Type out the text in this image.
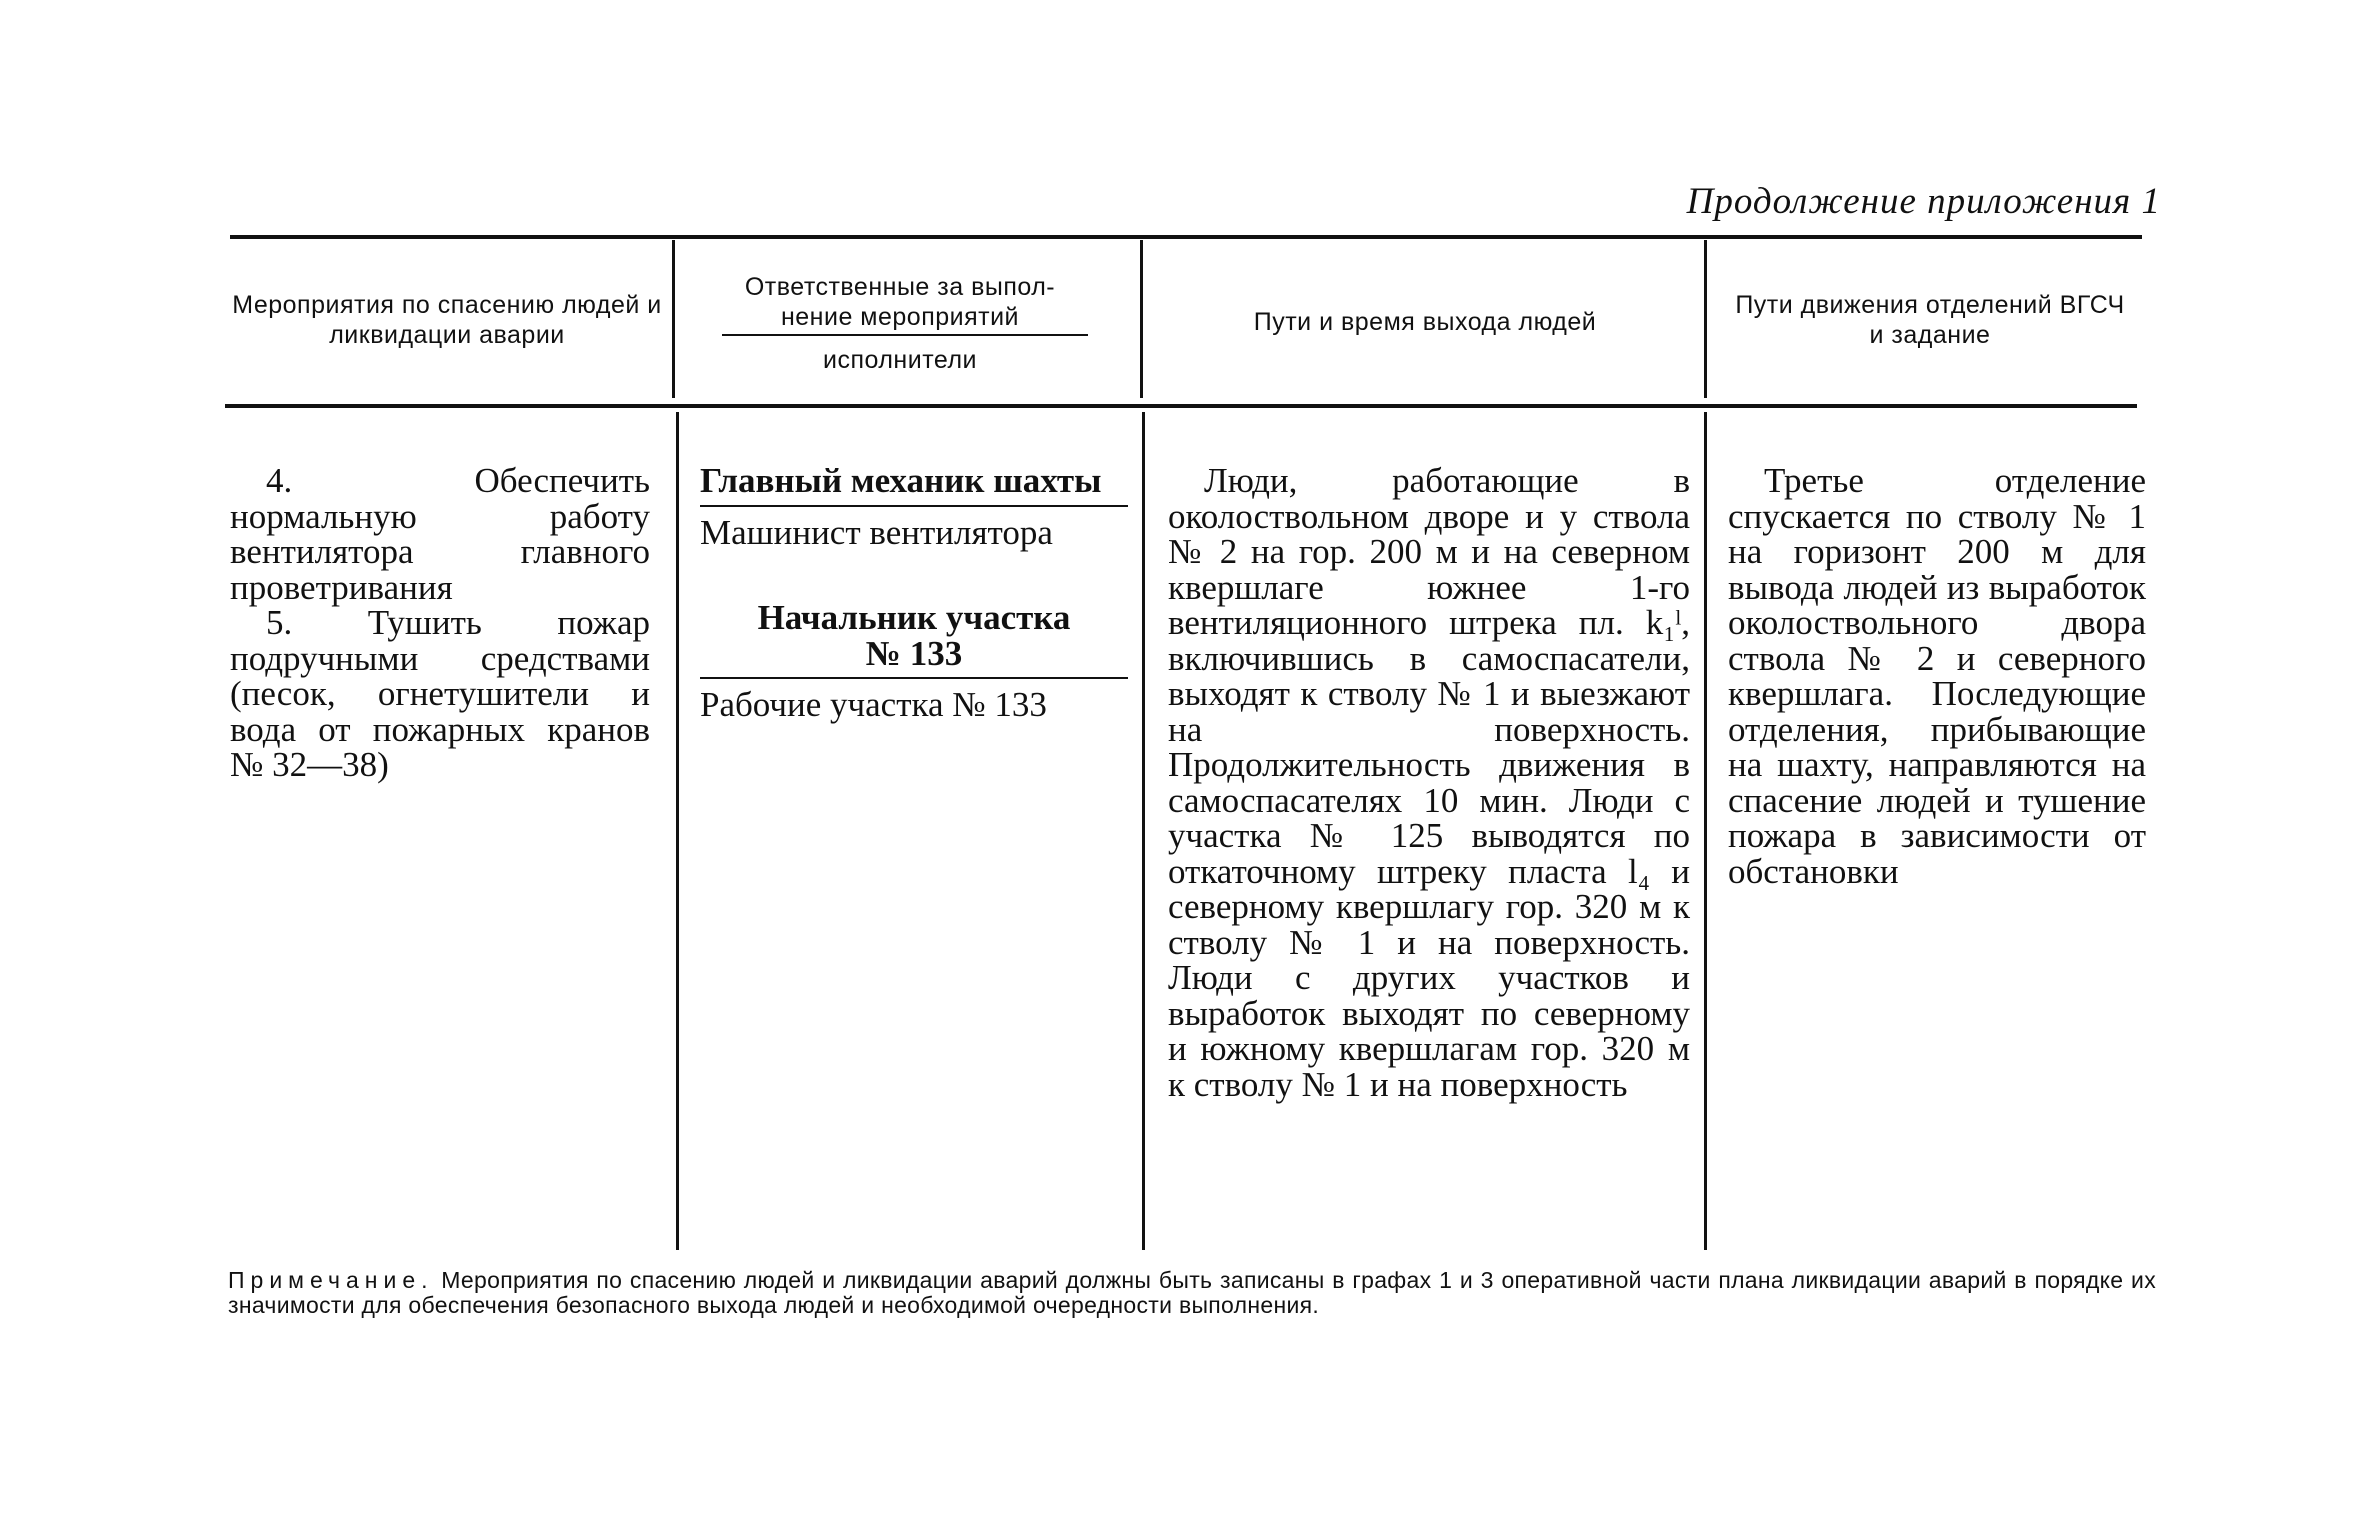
Продолжение приложения 1
Мероприятия по спасению людей и ликвидации аварии
Ответственные за выпол-нение мероприятий
исполнители
Пути и время выхода людей
Пути движения отделений ВГСЧ и задание

4. Обеспечить нормальную работу вентилятора главного проветривания

5. Тушить пожар подручными средствами (песок, огнетушители и вода от пожарных кранов № 32—38)

Главный механик шахты

Машинист вентилятора

Начальник участка № 133

Рабочие участка № 133

Люди, работающие в околоствольном дворе и у ствола № 2 на гор. 200 м и на северном квершлаге южнее 1-го вентиляционного штрека пл. k₁ˡ, включившись в самоспасатели, выходят к стволу № 1 и выезжают на поверхность. Продолжительность движения в самоспасателях 10 мин. Люди с участка № 125 выводятся по откаточному штреку пласта l₄ и северному квершлагу гор. 320 м к стволу № 1 и на поверхность. Люди с других участков и выработок выходят по северному и южному квершлагам гор. 320 м к стволу № 1 и на поверхность

Третье отделение спускается по стволу № 1 на горизонт 200 м для вывода людей из выработок околоствольного двора ствола № 2 и северного квершлага. Последующие отделения, прибывающие на шахту, направляются на спасение людей и тушение пожара в зависимости от обстановки

Примечание. Мероприятия по спасению людей и ликвидации аварий должны быть записаны в графах 1 и 3 оперативной части плана ликвидации аварий в порядке их значимости для обеспечения безопасного выхода людей и необходимой очередности выполнения.
